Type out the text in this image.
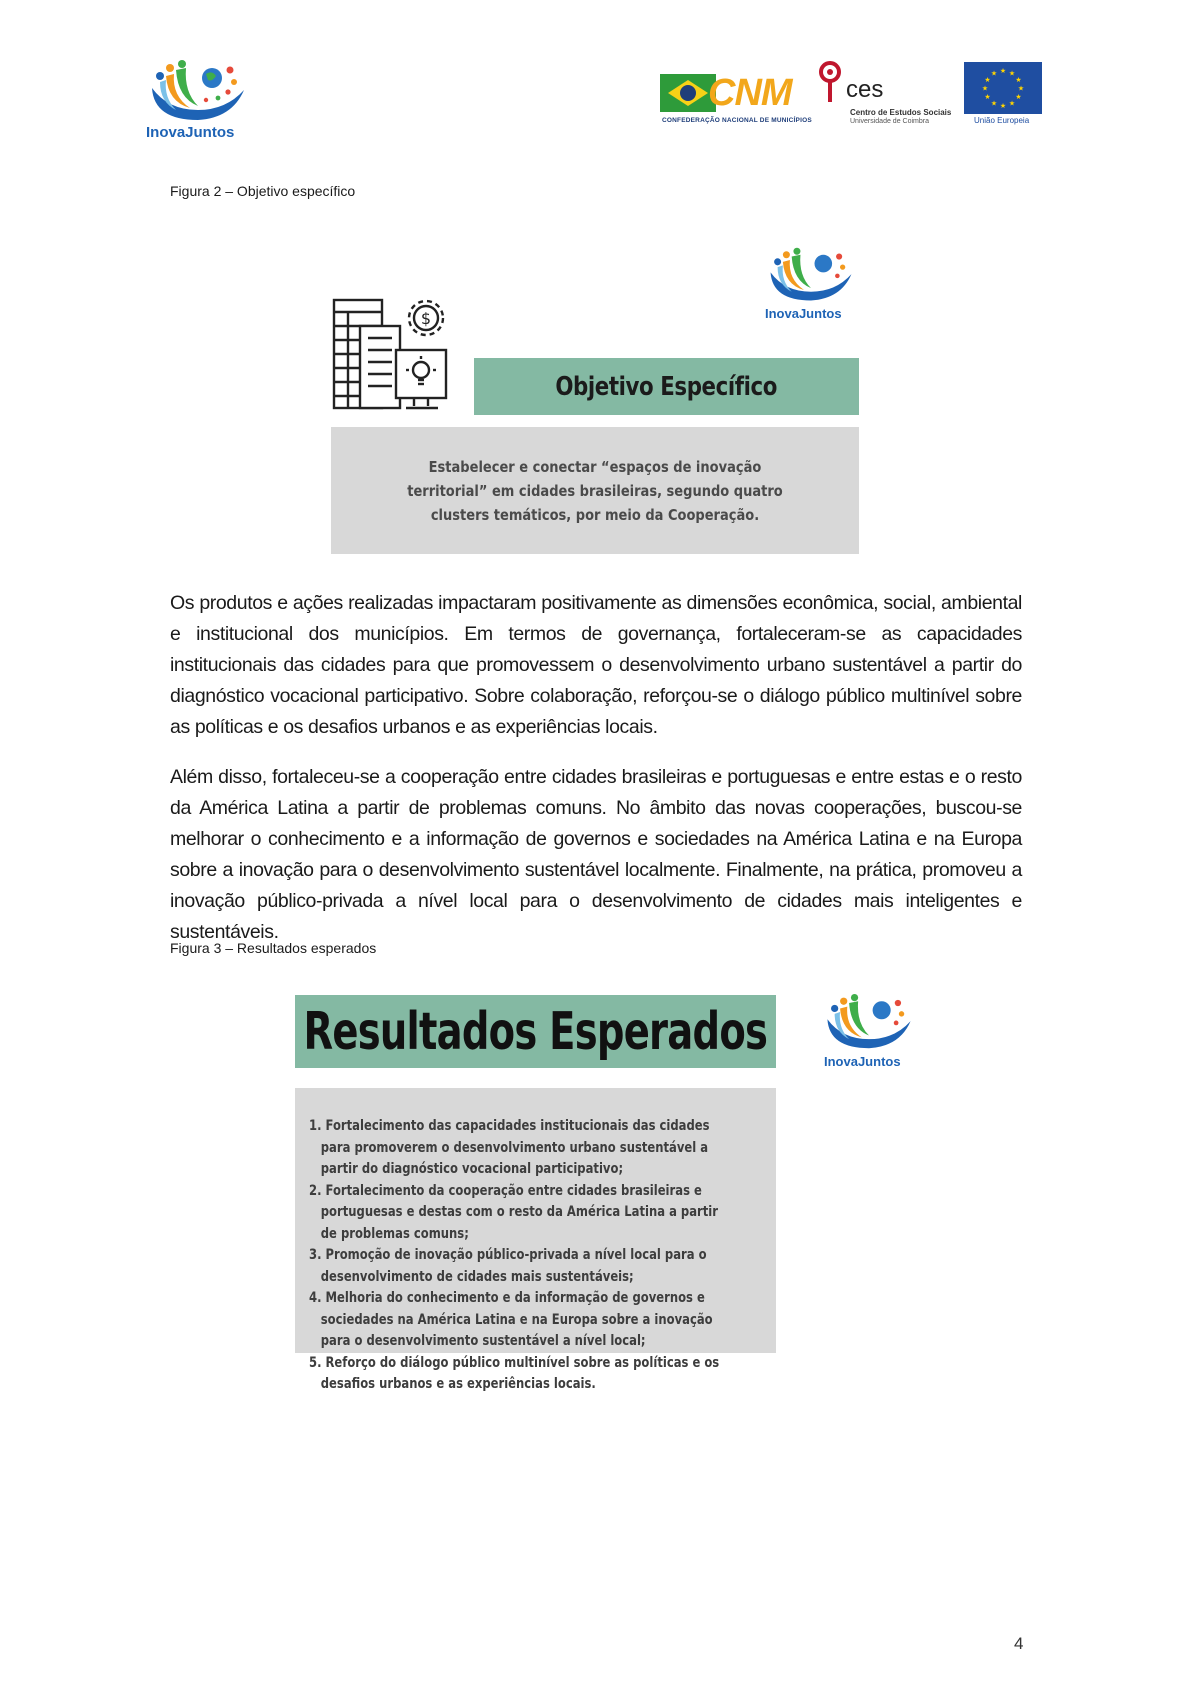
InovaJuntos
CNM
CONFEDERAÇÃO NACIONAL DE MUNICÍPIOS
ces
Centro de Estudos Sociais
Universidade de Coimbra
★ ★
★
★
★
★
★
★
★
★
★
★
União Europeia
Figura 2 – Objetivo específico
$	InovaJuntos
Objetivo Específico
Estabelecer e conectar “espaços de inovação territorial” em cidades brasileiras, segundo quatro clusters temáticos, por meio da Cooperação.
Os produtos e ações realizadas impactaram positivamente as dimensões econômica, social, ambiental e institucional dos municípios. Em termos de governança, fortaleceram-se as capacidades institucionais das cidades para que promovessem o desenvolvimento urbano sustentável a partir do diagnóstico vocacional participativo. Sobre colaboração, reforçou-se o diálogo público multinível sobre as políticas e os desafios urbanos e as experiências locais.
Além disso, fortaleceu-se a cooperação entre cidades brasileiras e portuguesas e entre estas e o resto da América Latina a partir de problemas comuns. No âmbito das novas cooperações, buscou-se melhorar o conhecimento e a informação de governos e sociedades na América Latina e na Europa sobre a inovação para o desenvolvimento sustentável localmente. Finalmente, na prática, promoveu a inovação público-privada a nível local para o desenvolvimento de cidades mais inteligentes e sustentáveis.
Figura 3 – Resultados esperados
Resultados Esperados	InovaJuntos
1. Fortalecimento das capacidades institucionais das cidades para promoverem o desenvolvimento urbano sustentável a partir do diagnóstico vocacional participativo;
2. Fortalecimento da cooperação entre cidades brasileiras e portuguesas e destas com o resto da América Latina a partir de problemas comuns;
3. Promoção de inovação público-privada a nível local para o desenvolvimento de cidades mais sustentáveis;
4. Melhoria do conhecimento e da informação de governos e sociedades na América Latina e na Europa sobre a inovação para o desenvolvimento sustentável a nível local;
5. Reforço do diálogo público multinível sobre as políticas e os desafios urbanos e as experiências locais.
4
